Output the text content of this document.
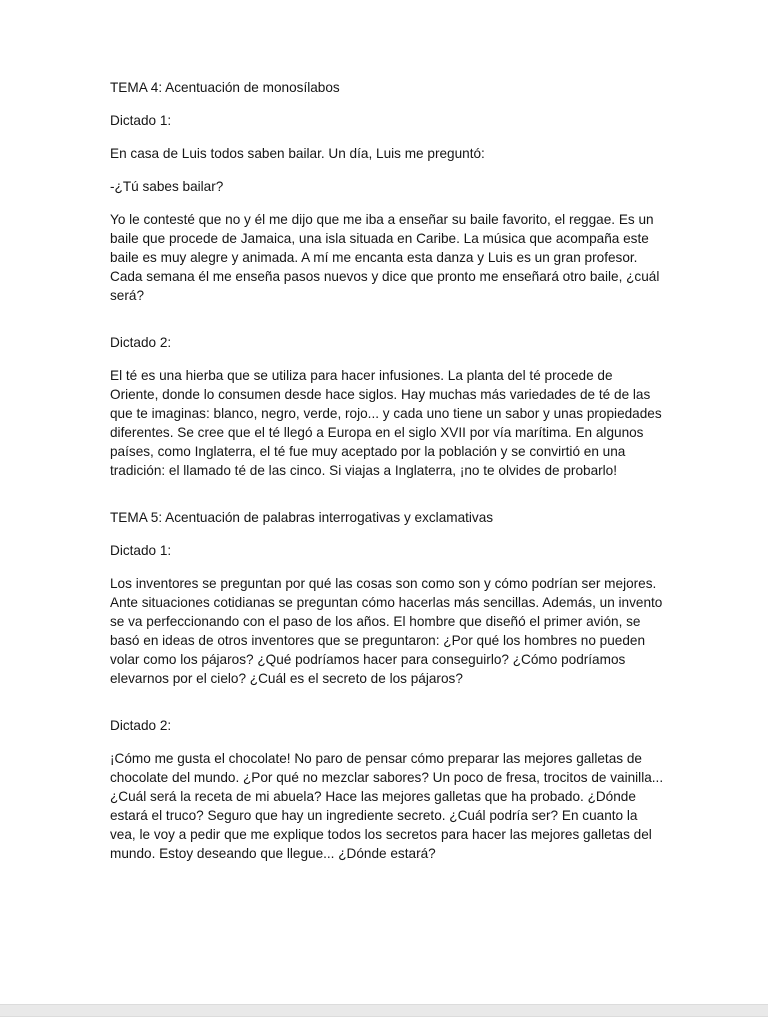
TEMA 4: Acentuación de monosílabos

Dictado 1:

En casa de Luis todos saben bailar. Un día, Luis me preguntó:

-¿Tú sabes bailar?

Yo le contesté que no y él me dijo que me iba a enseñar su baile favorito, el reggae. Es un baile que procede de Jamaica, una isla situada en Caribe. La música que acompaña este baile es muy alegre y animada. A mí me encanta esta danza y Luis es un gran profesor. Cada semana él me enseña pasos nuevos y dice que pronto me enseñará otro baile, ¿cuál será?

Dictado 2:

El té es una hierba que se utiliza para hacer infusiones. La planta del té procede de Oriente, donde lo consumen desde hace siglos. Hay muchas más variedades de té de las que te imaginas: blanco, negro, verde, rojo... y cada uno tiene un sabor y unas propiedades diferentes. Se cree que el té llegó a Europa en el siglo XVII por vía marítima. En algunos países, como Inglaterra, el té fue muy aceptado por la población y se convirtió en una tradición: el llamado té de las cinco. Si viajas a Inglaterra, ¡no te olvides de probarlo!

TEMA 5: Acentuación de palabras interrogativas y exclamativas

Dictado 1:

Los inventores se preguntan por qué las cosas son como son y cómo podrían ser mejores. Ante situaciones cotidianas se preguntan cómo hacerlas más sencillas. Además, un invento se va perfeccionando con el paso de los años. El hombre que diseñó el primer avión, se basó en ideas de otros inventores que se preguntaron: ¿Por qué los hombres no pueden volar como los pájaros? ¿Qué podríamos hacer para conseguirlo? ¿Cómo podríamos elevarnos por el cielo? ¿Cuál es el secreto de los pájaros?

Dictado 2:

¡Cómo me gusta el chocolate! No paro de pensar cómo preparar las mejores galletas de chocolate del mundo. ¿Por qué no mezclar sabores? Un poco de fresa, trocitos de vainilla... ¿Cuál será la receta de mi abuela? Hace las mejores galletas que ha probado. ¿Dónde estará el truco? Seguro que hay un ingrediente secreto. ¿Cuál podría ser? En cuanto la vea, le voy a pedir que me explique todos los secretos para hacer las mejores galletas del mundo. Estoy deseando que llegue... ¿Dónde estará?
